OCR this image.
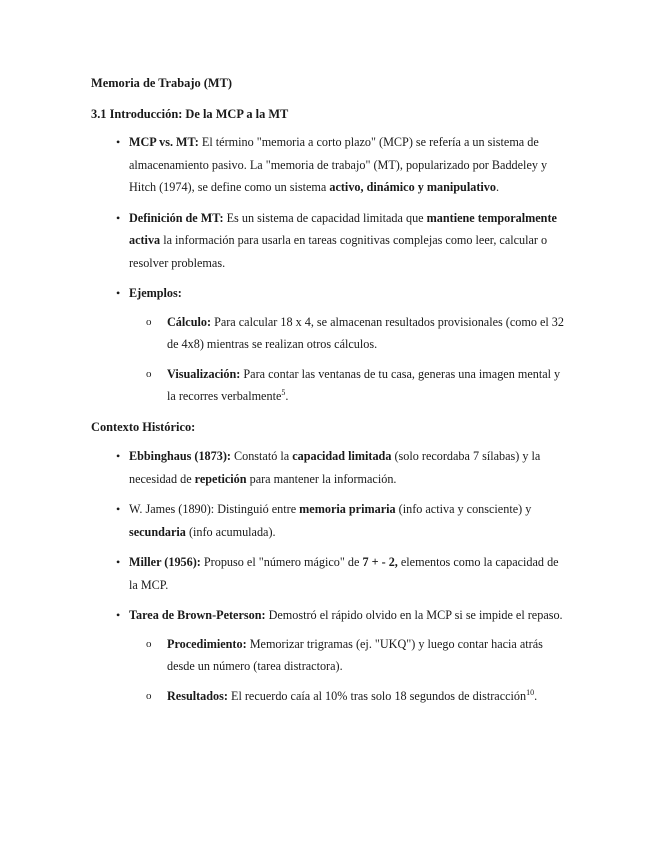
Memoria de Trabajo (MT)
3.1 Introducción: De la MCP a la MT
• MCP vs. MT: El término "memoria a corto plazo" (MCP) se refería a un sistema de almacenamiento pasivo. La "memoria de trabajo" (MT), popularizado por Baddeley y Hitch (1974), se define como un sistema activo, dinámico y manipulativo.
• Definición de MT: Es un sistema de capacidad limitada que mantiene temporalmente activa la información para usarla en tareas cognitivas complejas como leer, calcular o resolver problemas.
• Ejemplos:
o Cálculo: Para calcular 18 x 4, se almacenan resultados provisionales (como el 32 de 4x8) mientras se realizan otros cálculos.
o Visualización: Para contar las ventanas de tu casa, generas una imagen mental y la recorres verbalmente$^5$.
Contexto Histórico:
• Ebbinghaus (1873): Constató la capacidad limitada (solo recordaba 7 sílabas) y la necesidad de repetición para mantener la información.
• W. James (1890): Distinguió entre memoria primaria (info activa y consciente) y secundaria (info acumulada).
• Miller (1956): Propuso el "número mágico" de 7 + - 2, elementos como la capacidad de la MCP.
• Tarea de Brown-Peterson: Demostró el rápido olvido en la MCP si se impide el repaso.
o Procedimiento: Memorizar trigramas (ej. "UKQ") y luego contar hacia atrás desde un número (tarea distractora).
o Resultados: El recuerdo caía al 10% tras solo 18 segundos de distracción$^{10}$.
